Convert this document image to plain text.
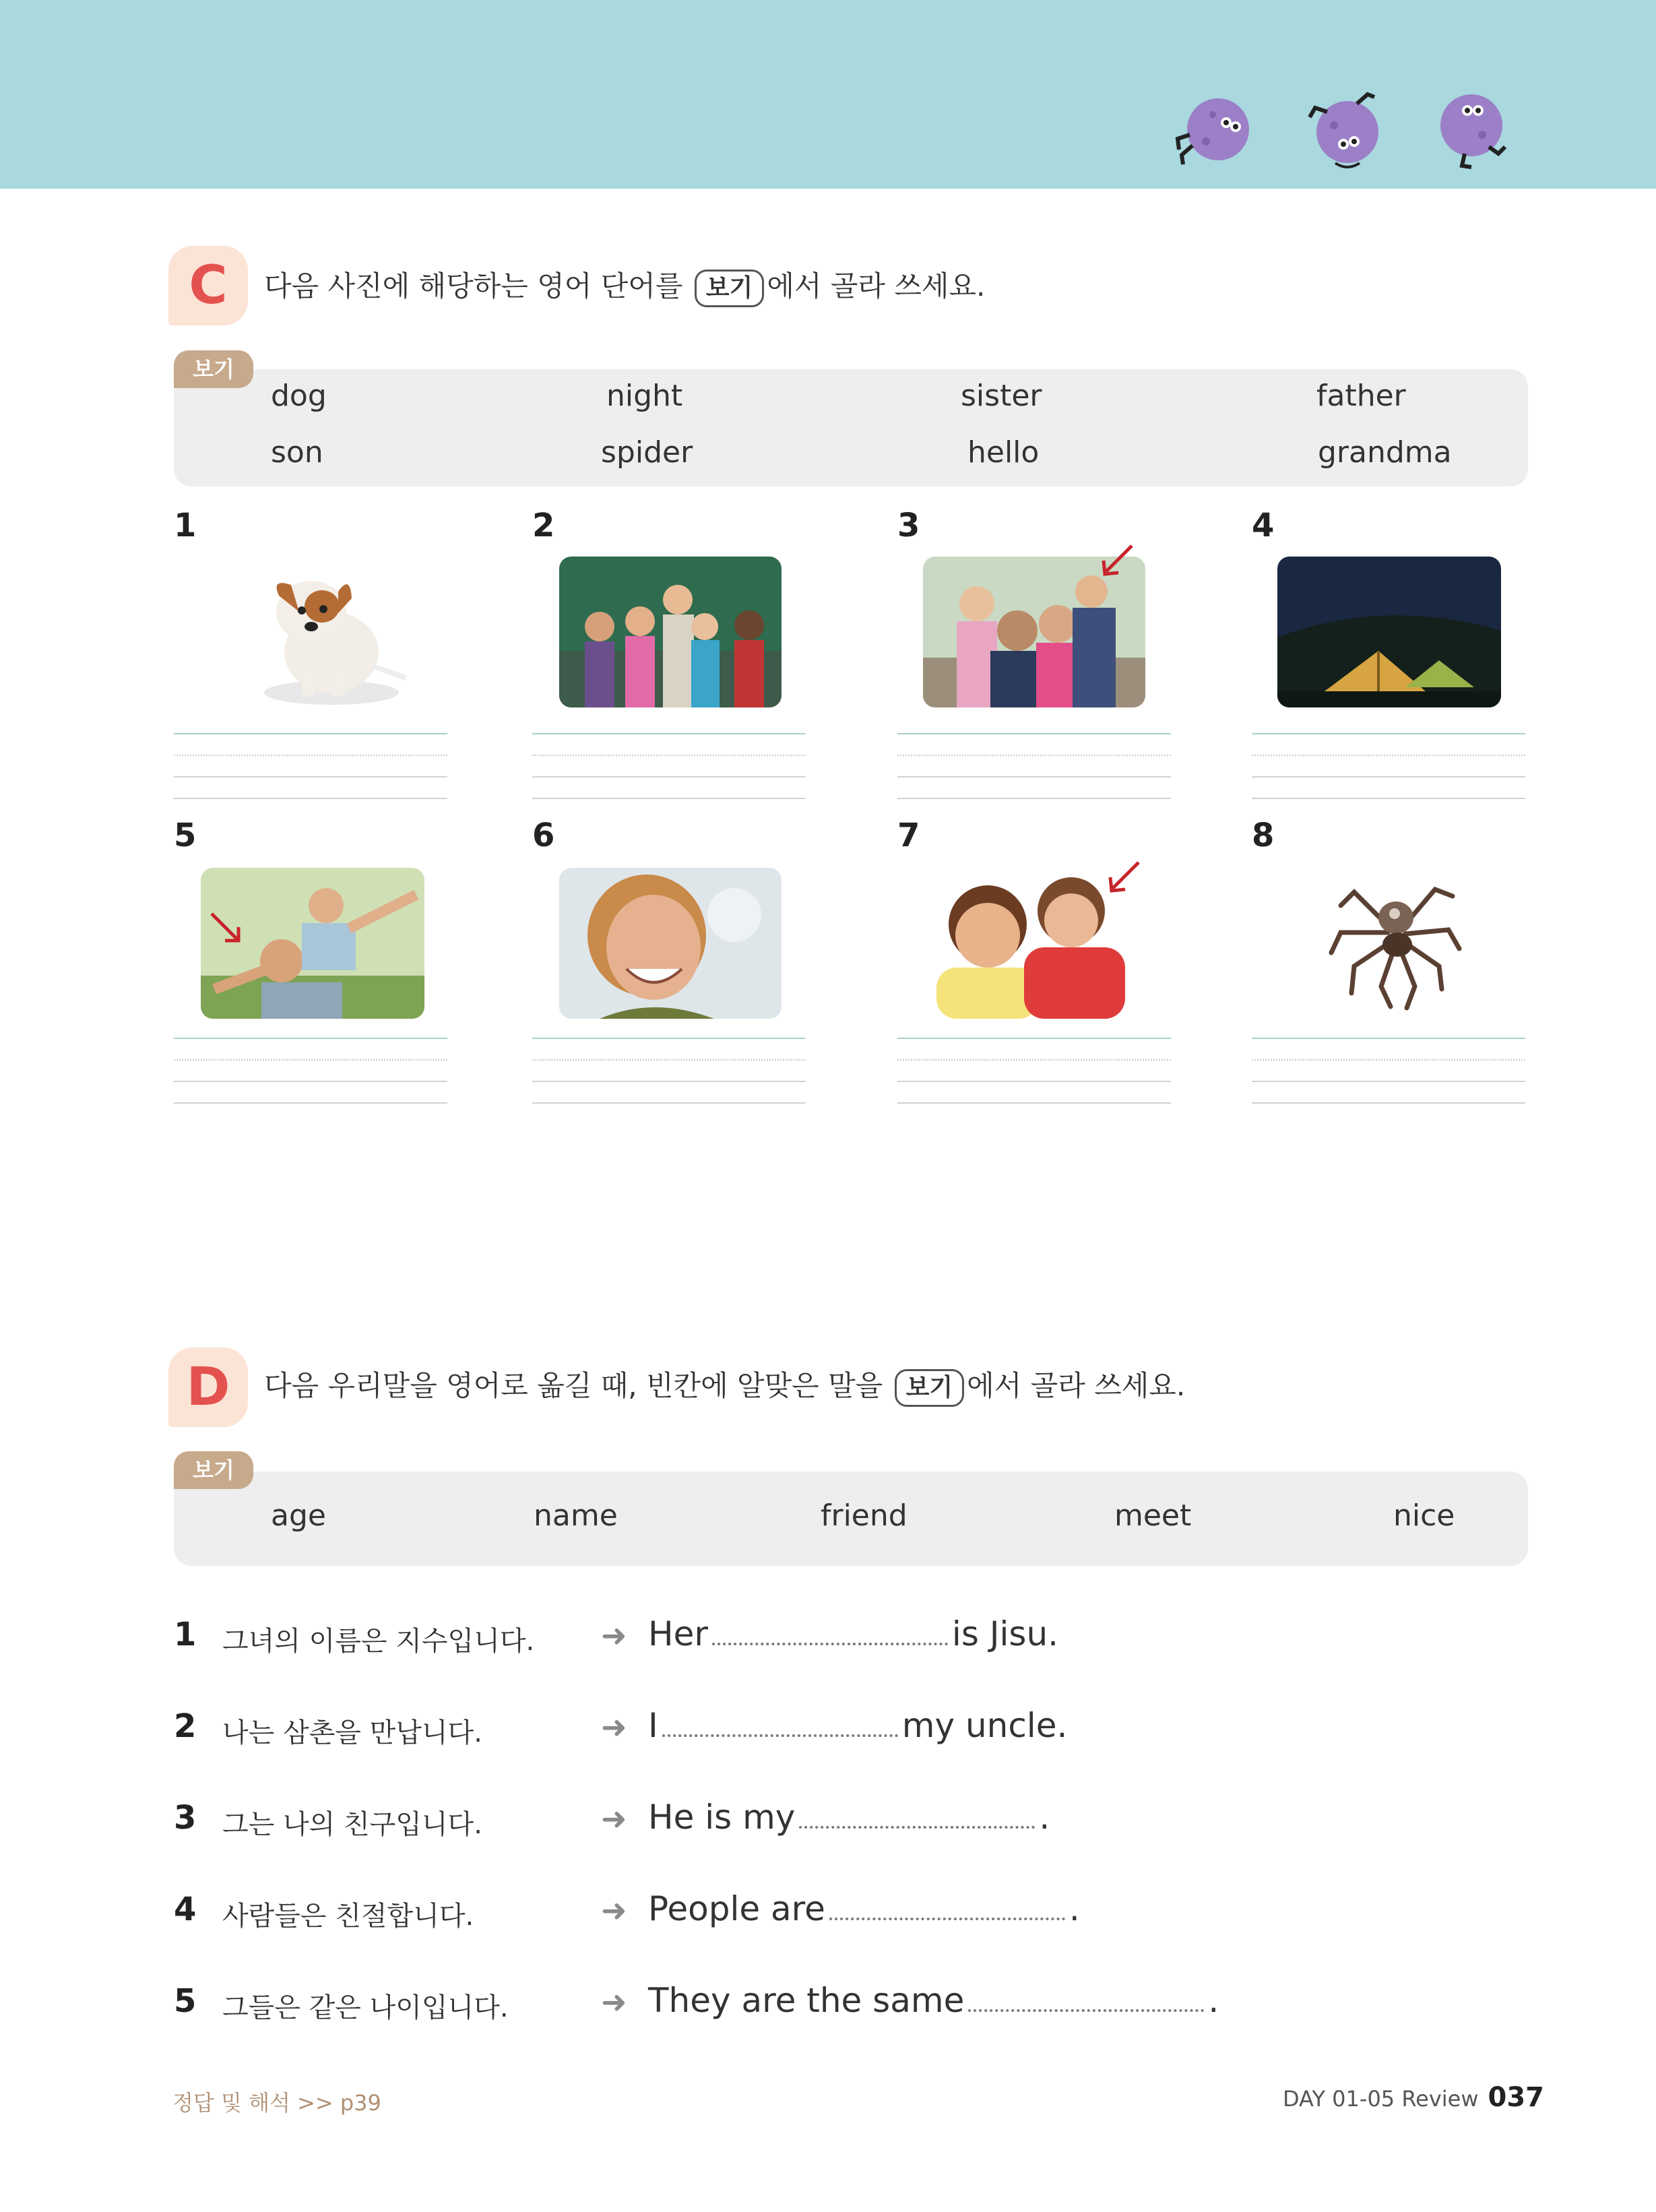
C	다음 사진에 해당하는 영어 단어를 보기 에서 골라 쓰세요.
보기
dog	night	sister	father
son	spider	hello	grandma
1	2	3	4
5	6	7	8
D	다음 우리말을 영어로 옮길 때, 빈칸에 알맞은 말을 보기 에서 골라 쓰세요.
보기
age	name	friend	meet	nice
1 그녀의 이름은 지수입니다. ➜ Her	is Jisu.
2 나는 삼촌을 만납니다.	➜ I	my uncle.
3 그는 나의 친구입니다.	➜ He is my	.
4 사람들은 친절합니다.	➜ People are	.
5 그들은 같은 나이입니다.	➜ They are the same	.
정답 및 해석 >> p39	DAY 01-05 Review 037
